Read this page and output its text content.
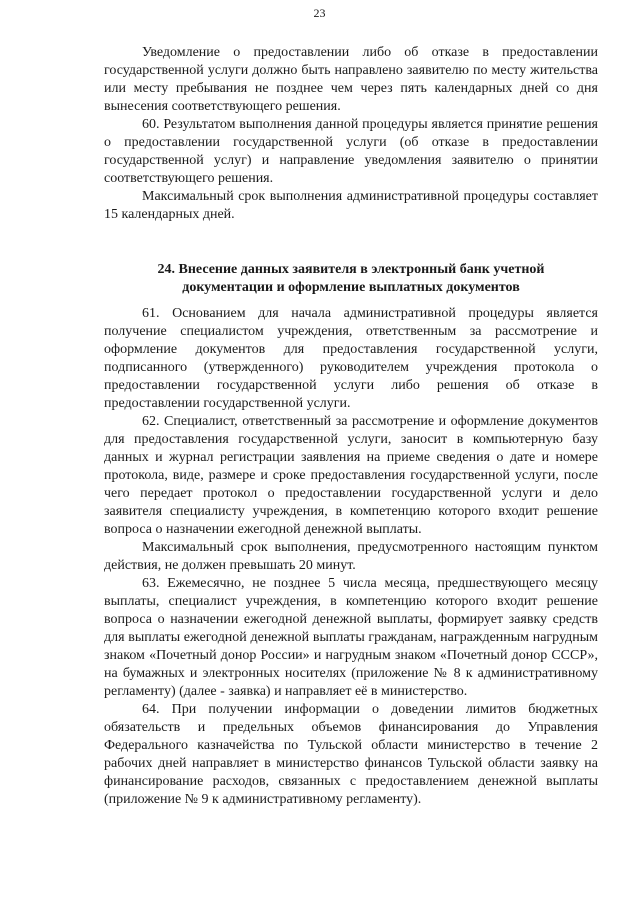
23

Уведомление о предоставлении либо об отказе в предоставлении государственной услуги должно быть направлено заявителю по месту жительства или месту пребывания не позднее чем через пять календарных дней со дня вынесения соответствующего решения.

60. Результатом выполнения данной процедуры является принятие решения о предоставлении государственной услуги (об отказе в предоставлении государственной услуг) и направление уведомления заявителю о принятии соответствующего решения.

Максимальный срок выполнения административной процедуры составляет 15 календарных дней.

24. Внесение данных заявителя в электронный банк учетной
документации и оформление выплатных документов

61. Основанием для начала административной процедуры является получение специалистом учреждения, ответственным за рассмотрение и оформление документов для предоставления государственной услуги, подписанного (утвержденного) руководителем учреждения протокола о предоставлении государственной услуги либо решения об отказе в предоставлении государственной услуги.

62. Специалист, ответственный за рассмотрение и оформление документов для предоставления государственной услуги, заносит в компьютерную базу данных и журнал регистрации заявления на приеме сведения о дате и номере протокола, виде, размере и сроке предоставления государственной услуги, после чего передает протокол о предоставлении государственной услуги и дело заявителя специалисту учреждения, в компетенцию которого входит решение вопроса о назначении ежегодной денежной выплаты.

Максимальный срок выполнения, предусмотренного настоящим пунктом действия, не должен превышать 20 минут.

63. Ежемесячно, не позднее 5 числа месяца, предшествующего месяцу выплаты, специалист учреждения, в компетенцию которого входит решение вопроса о назначении ежегодной денежной выплаты, формирует заявку средств для выплаты ежегодной денежной выплаты гражданам, награжденным нагрудным знаком «Почетный донор России» и нагрудным знаком «Почетный донор СССР», на бумажных и электронных носителях (приложение № 8 к административному регламенту) (далее - заявка) и направляет её в министерство.

64. При получении информации о доведении лимитов бюджетных обязательств и предельных объемов финансирования до Управления Федерального казначейства по Тульской области министерство в течение 2 рабочих дней направляет в министерство финансов Тульской области заявку на финансирование расходов, связанных с предоставлением денежной выплаты (приложение № 9 к административному регламенту).
